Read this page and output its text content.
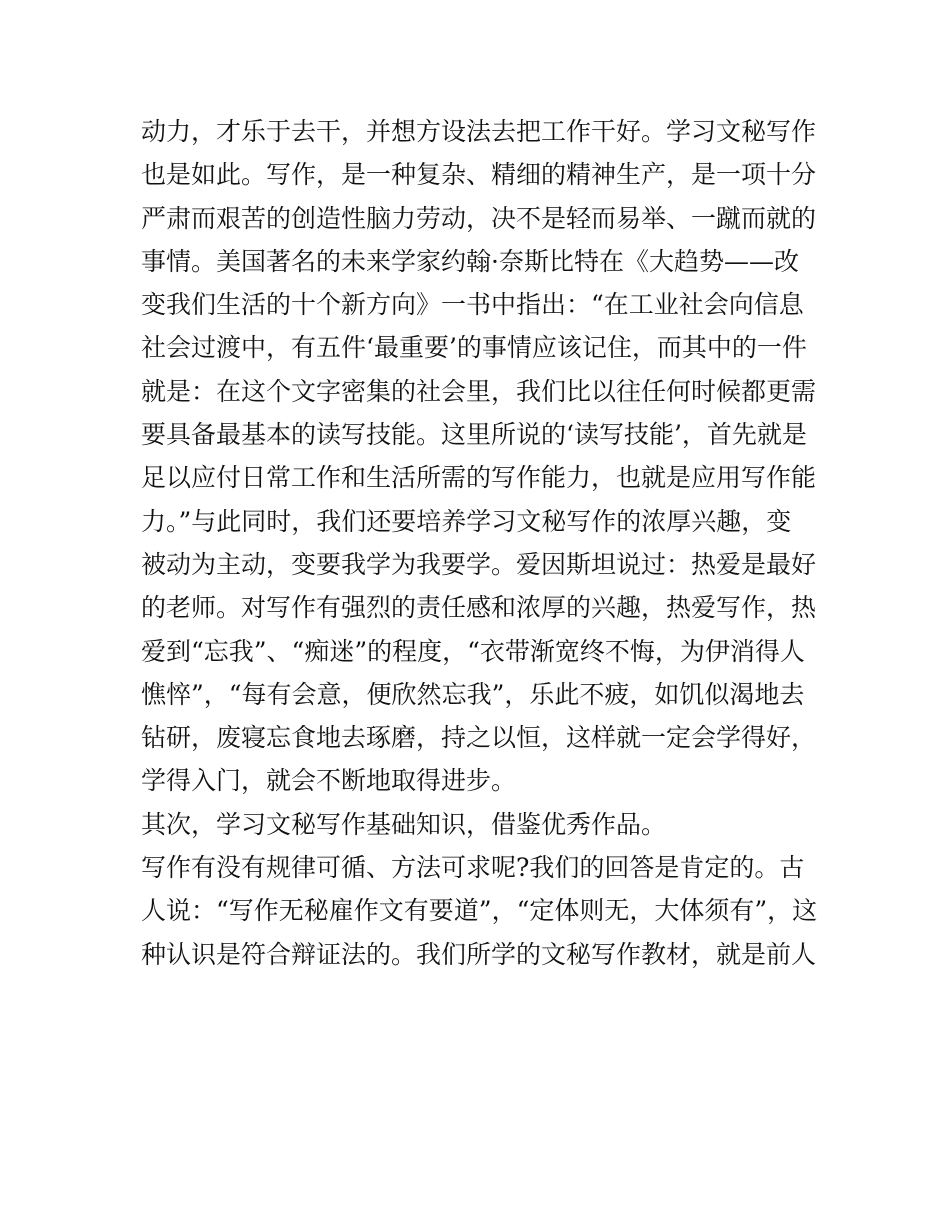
动力，才乐于去干，并想方设法去把工作干好。学习文秘写作
也是如此。写作，是一种复杂、精细的精神生产，是一项十分
严肃而艰苦的创造性脑力劳动，决不是轻而易举、一蹴而就的
事情。美国著名的未来学家约翰·奈斯比特在《大趋势——改
变我们生活的十个新方向》一书中指出：“在工业社会向信息
社会过渡中，有五件‘最重要’的事情应该记住，而其中的一件
就是：在这个文字密集的社会里，我们比以往任何时候都更需
要具备最基本的读写技能。这里所说的‘读写技能’，首先就是
足以应付日常工作和生活所需的写作能力，也就是应用写作能
力。”与此同时，我们还要培养学习文秘写作的浓厚兴趣，变
被动为主动，变要我学为我要学。爱因斯坦说过：热爱是最好
的老师。对写作有强烈的责任感和浓厚的兴趣，热爱写作，热
爱到“忘我”、“痴迷”的程度，“衣带渐宽终不悔，为伊消得人
憔悴”，“每有会意，便欣然忘我”，乐此不疲，如饥似渴地去
钻研，废寝忘食地去琢磨，持之以恒，这样就一定会学得好，
学得入门，就会不断地取得进步。
其次，学习文秘写作基础知识，借鉴优秀作品。
写作有没有规律可循、方法可求呢?我们的回答是肯定的。古
人说：“写作无秘雇作文有要道”，“定体则无，大体须有”，这
种认识是符合辩证法的。我们所学的文秘写作教材，就是前人
